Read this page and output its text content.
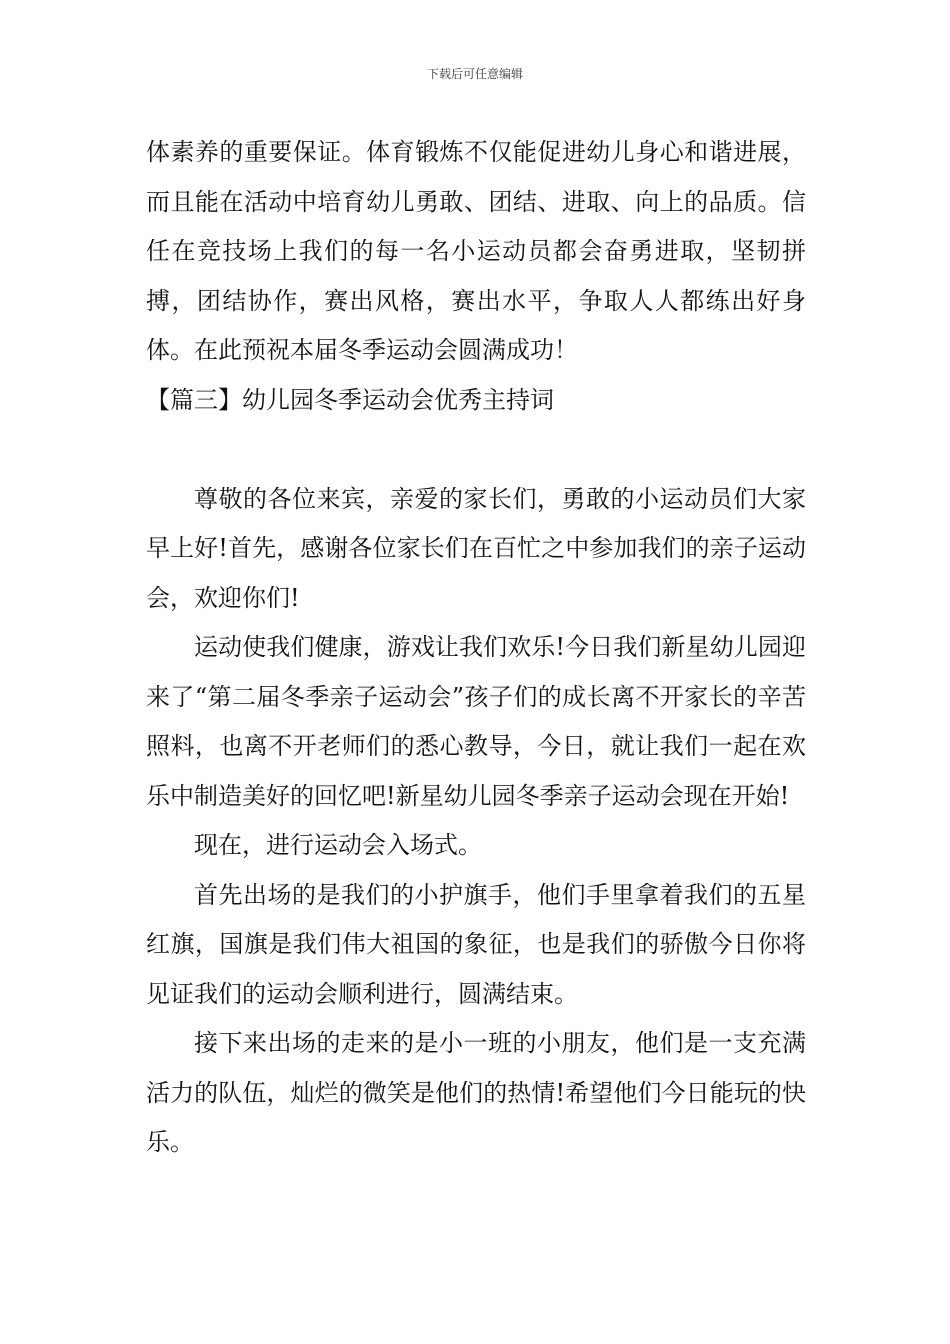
下载后可任意编辑

体素养的重要保证。体育锻炼不仅能促进幼儿身心和谐进展，而且能在活动中培育幼儿勇敢、团结、进取、向上的品质。信任在竞技场上我们的每一名小运动员都会奋勇进取，坚韧拼搏，团结协作，赛出风格，赛出水平，争取人人都练出好身体。在此预祝本届冬季运动会圆满成功！

【篇三】幼儿园冬季运动会优秀主持词

尊敬的各位来宾，亲爱的家长们，勇敢的小运动员们大家早上好!首先，感谢各位家长们在百忙之中参加我们的亲子运动会，欢迎你们!

运动使我们健康，游戏让我们欢乐!今日我们新星幼儿园迎来了“第二届冬季亲子运动会”孩子们的成长离不开家长的辛苦照料，也离不开老师们的悉心教导，今日，就让我们一起在欢乐中制造美好的回忆吧!新星幼儿园冬季亲子运动会现在开始!

现在，进行运动会入场式。

首先出场的是我们的小护旗手，他们手里拿着我们的五星红旗，国旗是我们伟大祖国的象征，也是我们的骄傲今日你将见证我们的运动会顺利进行，圆满结束。

接下来出场的走来的是小一班的小朋友，他们是一支充满活力的队伍，灿烂的微笑是他们的热情!希望他们今日能玩的快乐。
